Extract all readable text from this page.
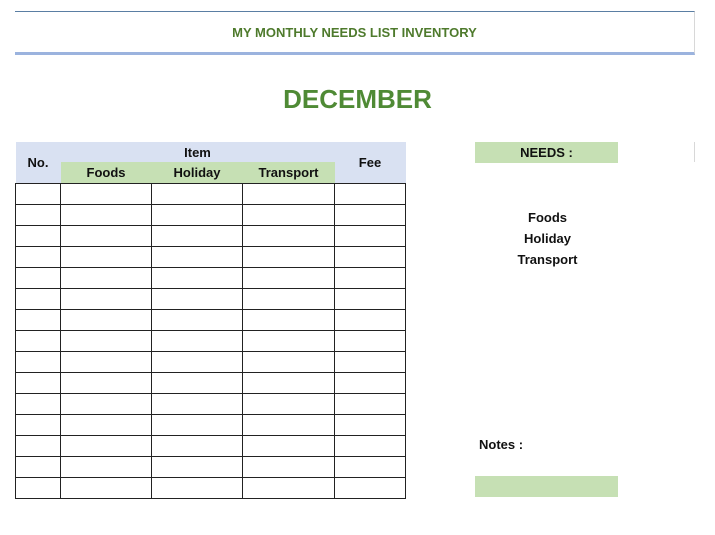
MY MONTHLY NEEDS LIST INVENTORY
DECEMBER
No.	Item			Fee
	Foods	Holiday	Transport	

NEEDS :
Foods
Holiday
Transport
Notes :
